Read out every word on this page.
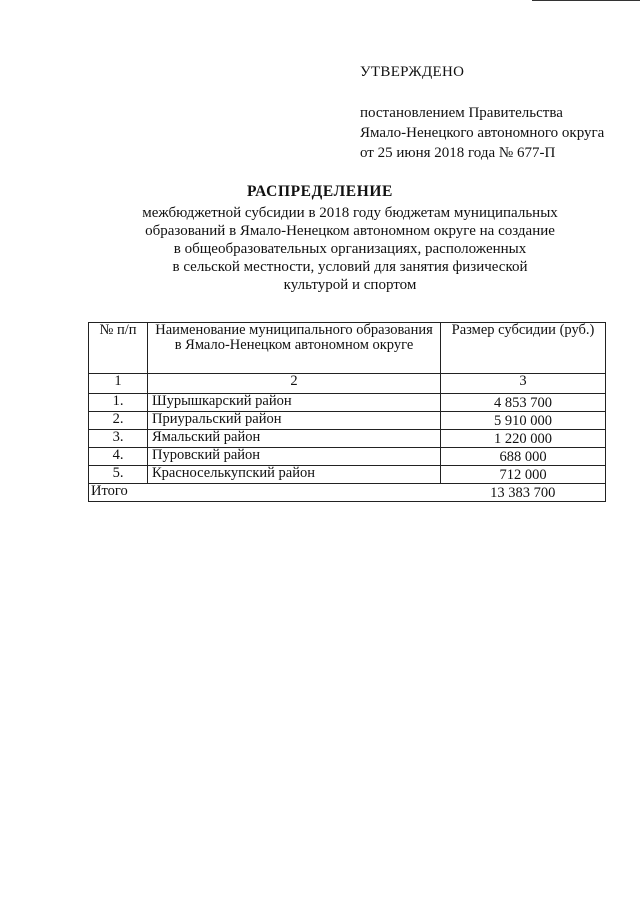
УТВЕРЖДЕНО
постановлением Правительства
Ямало-Ненецкого автономного округа
от 25 июня 2018 года № 677-П
РАСПРЕДЕЛЕНИЕ
межбюджетной субсидии в 2018 году бюджетам муниципальных
образований в Ямало-Ненецком автономном округе на создание
в общеобразовательных организациях, расположенных
в сельской местности, условий для занятия физической
культурой и спортом
№ п/п	Наименование муниципального образования в Ямало-Ненецком автономном округе	Размер субсидии (руб.)
1	2	3
1.	Шурышкарский район	4 853 700
2.	Приуральский район	5 910 000
3.	Ямальский район	1 220 000
4.	Пуровский район	688 000
5.	Красноселькупский район	712 000
Итого		13 383 700
